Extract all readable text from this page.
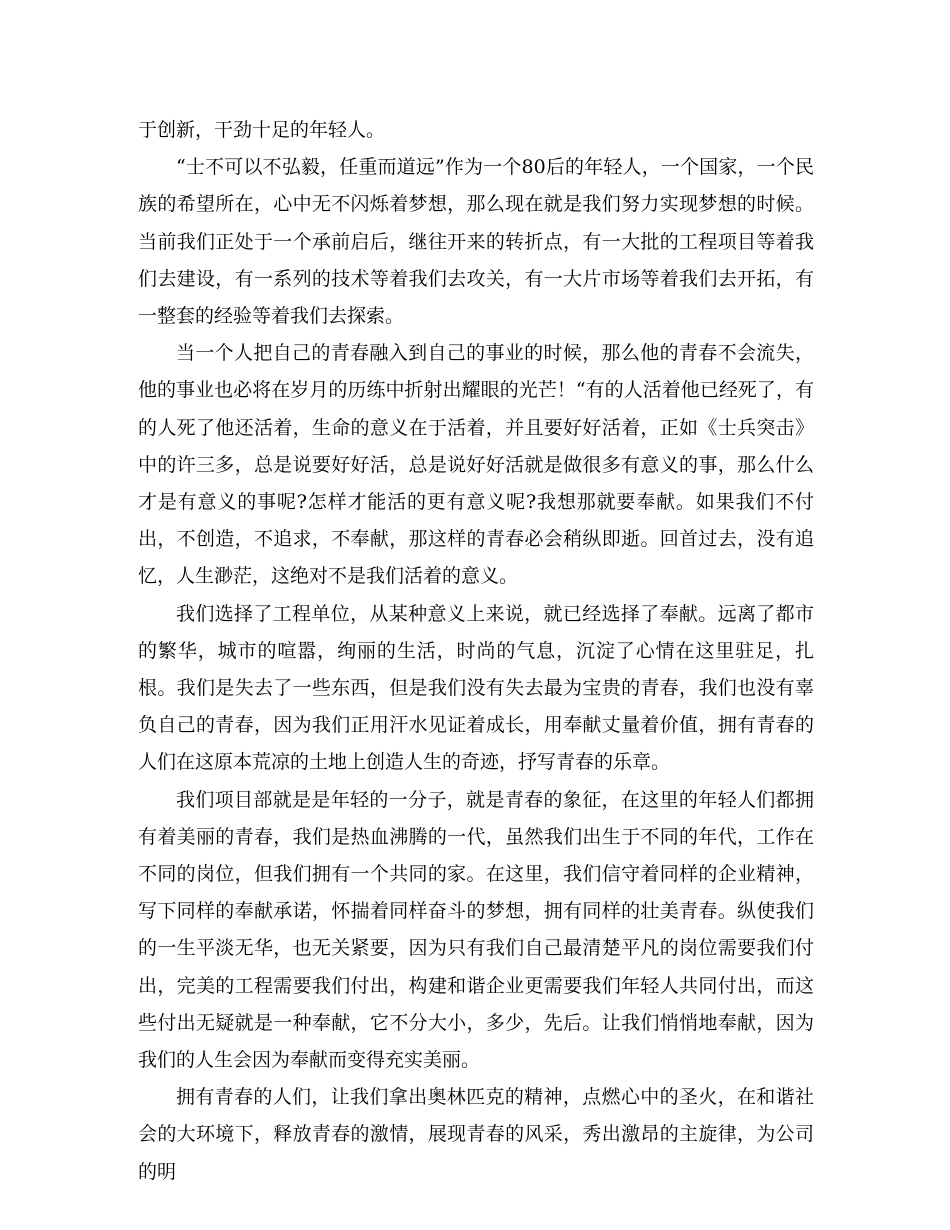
于创新，干劲十足的年轻人。

“士不可以不弘毅，任重而道远”作为一个80后的年轻人，一个国家，一个民族的希望所在，心中无不闪烁着梦想，那么现在就是我们努力实现梦想的时候。当前我们正处于一个承前启后，继往开来的转折点，有一大批的工程项目等着我们去建设，有一系列的技术等着我们去攻关，有一大片市场等着我们去开拓，有一整套的经验等着我们去探索。

当一个人把自己的青春融入到自己的事业的时候，那么他的青春不会流失，他的事业也必将在岁月的历练中折射出耀眼的光芒！“有的人活着他已经死了，有的人死了他还活着，生命的意义在于活着，并且要好好活着，正如《士兵突击》中的许三多，总是说要好好活，总是说好好活就是做很多有意义的事，那么什么才是有意义的事呢?怎样才能活的更有意义呢?我想那就要奉献。如果我们不付出，不创造，不追求，不奉献，那这样的青春必会稍纵即逝。回首过去，没有追忆，人生渺茫，这绝对不是我们活着的意义。

我们选择了工程单位，从某种意义上来说，就已经选择了奉献。远离了都市的繁华，城市的喧嚣，绚丽的生活，时尚的气息，沉淀了心情在这里驻足，扎根。我们是失去了一些东西，但是我们没有失去最为宝贵的青春，我们也没有辜负自己的青春，因为我们正用汗水见证着成长，用奉献丈量着价值，拥有青春的人们在这原本荒凉的土地上创造人生的奇迹，抒写青春的乐章。

我们项目部就是是年轻的一分子，就是青春的象征，在这里的年轻人们都拥有着美丽的青春，我们是热血沸腾的一代，虽然我们出生于不同的年代，工作在不同的岗位，但我们拥有一个共同的家。在这里，我们信守着同样的企业精神，写下同样的奉献承诺，怀揣着同样奋斗的梦想，拥有同样的壮美青春。纵使我们的一生平淡无华，也无关紧要，因为只有我们自己最清楚平凡的岗位需要我们付出，完美的工程需要我们付出，构建和谐企业更需要我们年轻人共同付出，而这些付出无疑就是一种奉献，它不分大小，多少，先后。让我们悄悄地奉献，因为我们的人生会因为奉献而变得充实美丽。

拥有青春的人们，让我们拿出奥林匹克的精神，点燃心中的圣火，在和谐社会的大环境下，释放青春的激情，展现青春的风采，秀出激昂的主旋律，为公司的明
